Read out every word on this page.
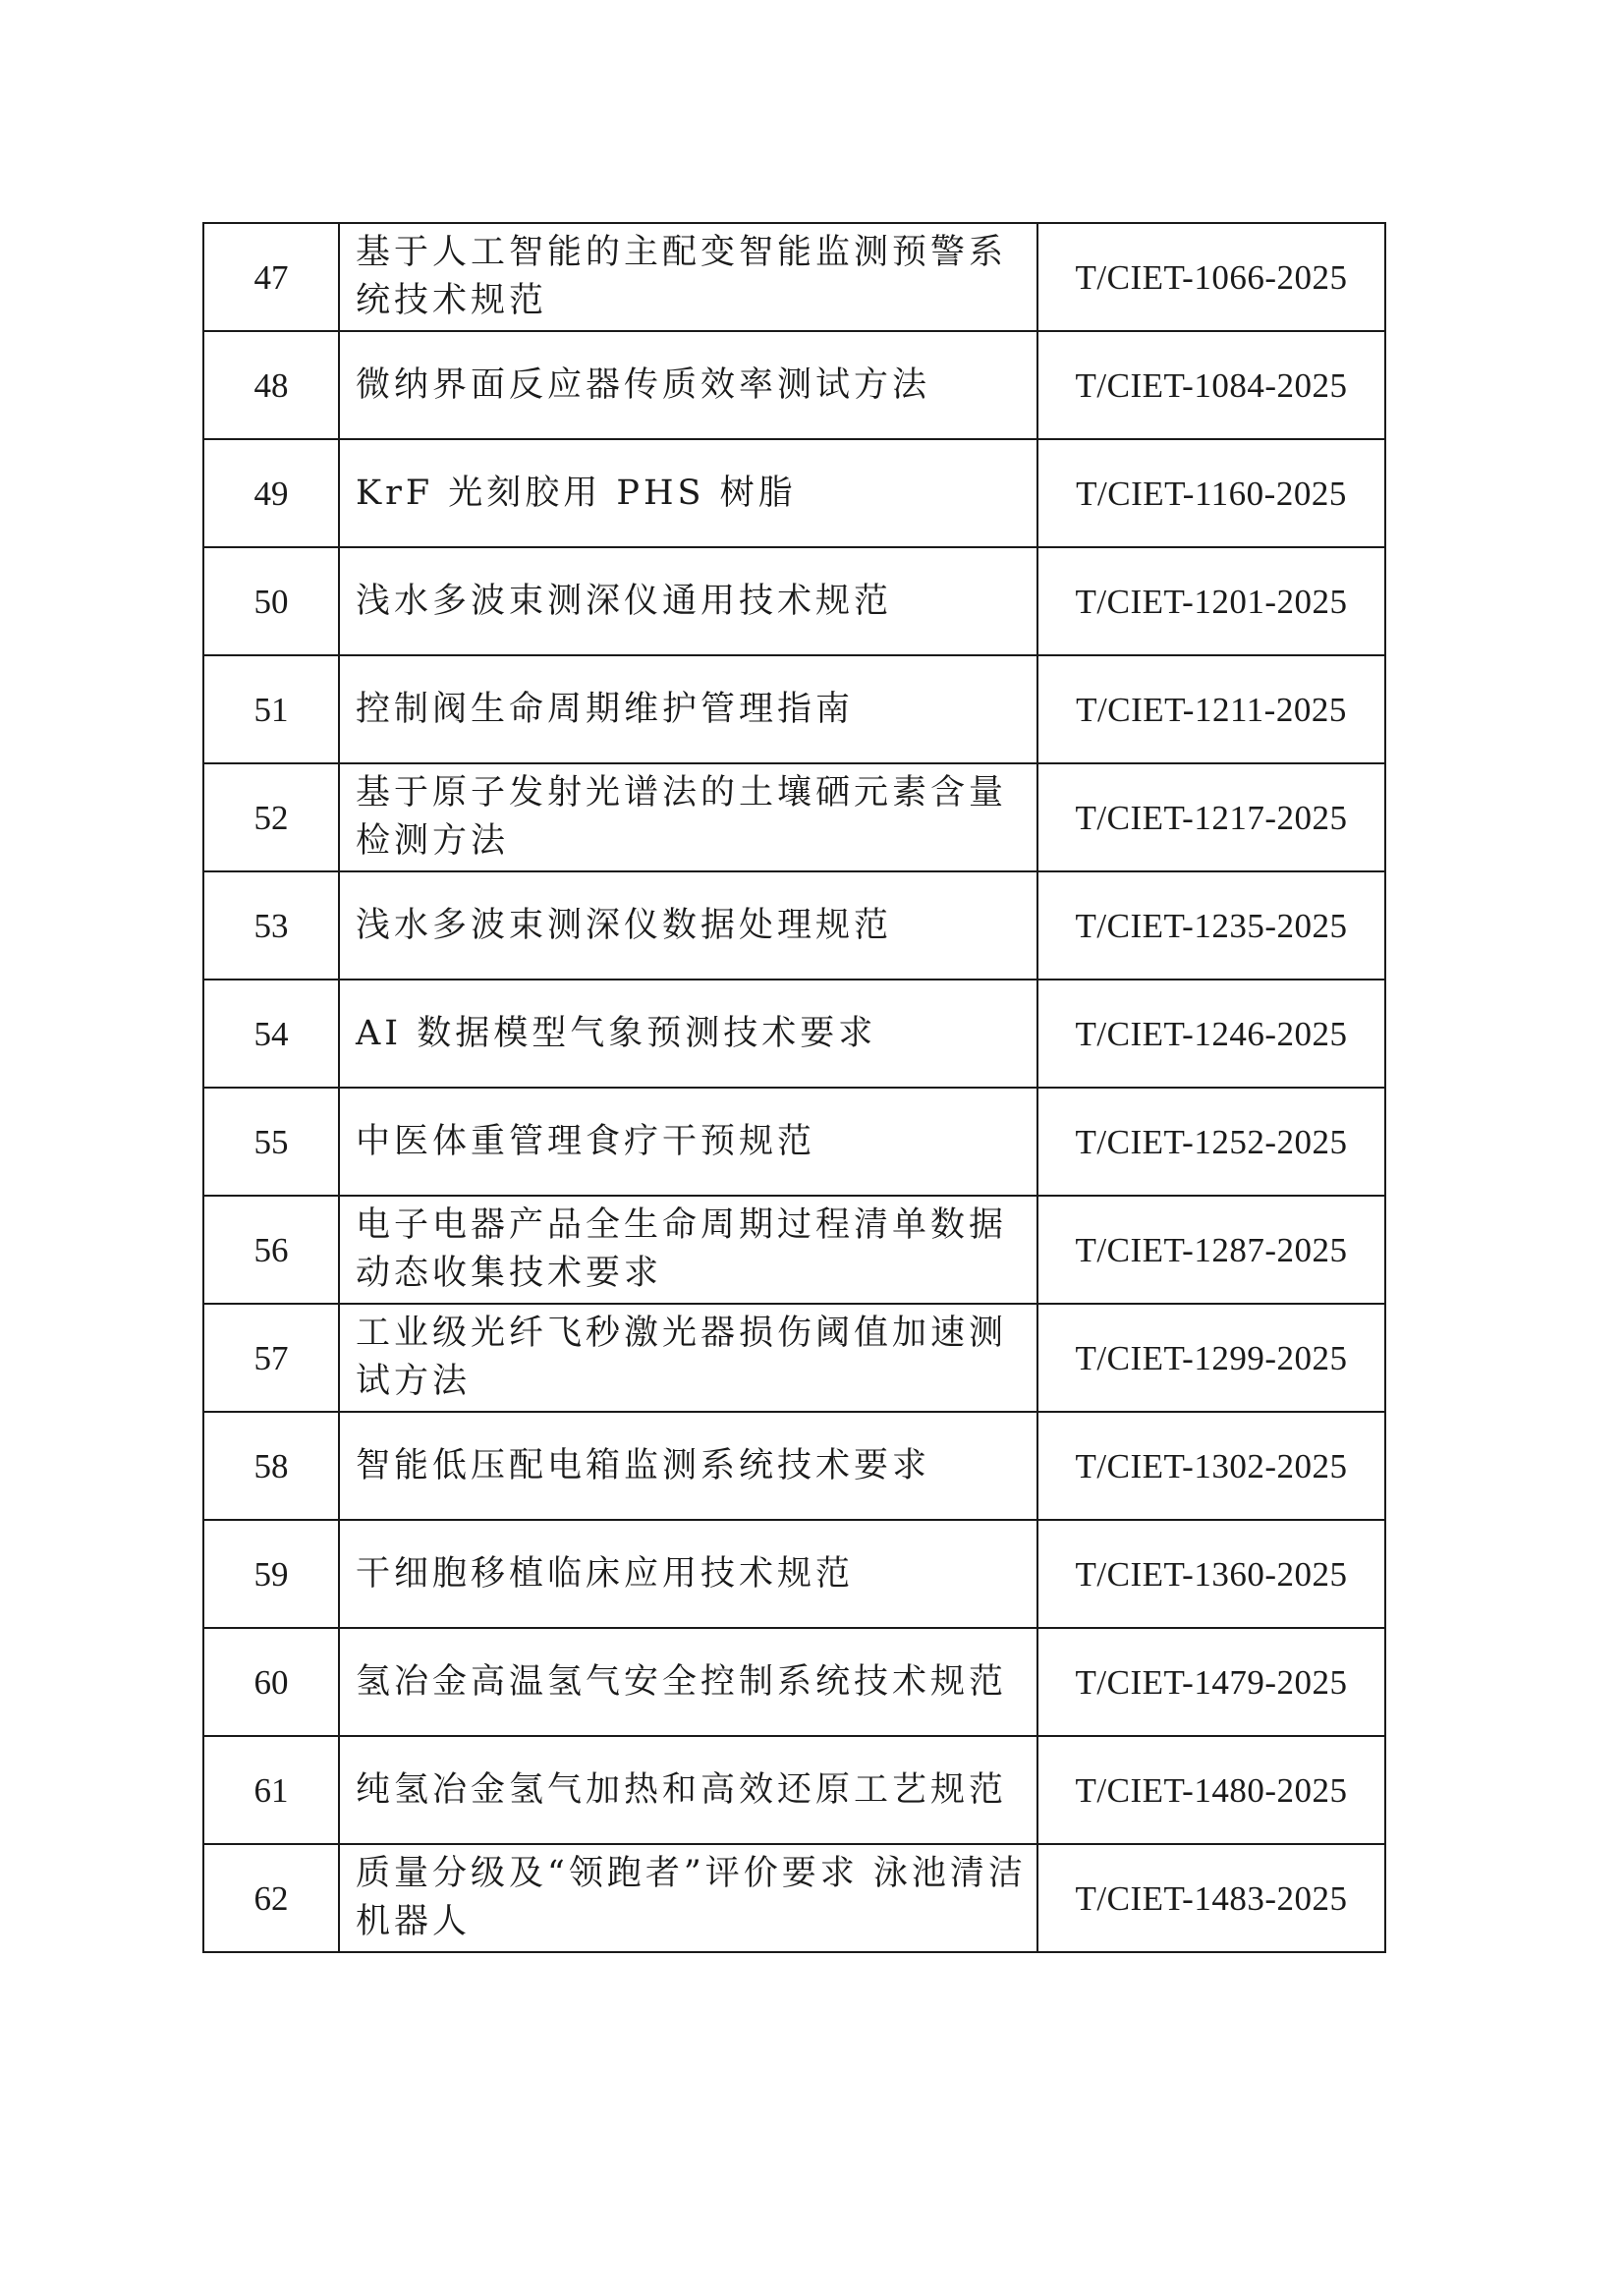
47	基于人工智能的主配变智能监测预警系统技术规范	T/CIET-1066-2025
48	微纳界面反应器传质效率测试方法	T/CIET-1084-2025
49	KrF 光刻胶用 PHS 树脂	T/CIET-1160-2025
50	浅水多波束测深仪通用技术规范	T/CIET-1201-2025
51	控制阀生命周期维护管理指南	T/CIET-1211-2025
52	基于原子发射光谱法的土壤硒元素含量检测方法	T/CIET-1217-2025
53	浅水多波束测深仪数据处理规范	T/CIET-1235-2025
54	AI 数据模型气象预测技术要求	T/CIET-1246-2025
55	中医体重管理食疗干预规范	T/CIET-1252-2025
56	电子电器产品全生命周期过程清单数据动态收集技术要求	T/CIET-1287-2025
57	工业级光纤飞秒激光器损伤阈值加速测试方法	T/CIET-1299-2025
58	智能低压配电箱监测系统技术要求	T/CIET-1302-2025
59	干细胞移植临床应用技术规范	T/CIET-1360-2025
60	氢冶金高温氢气安全控制系统技术规范	T/CIET-1479-2025
61	纯氢冶金氢气加热和高效还原工艺规范	T/CIET-1480-2025
62	质量分级及“领跑者”评价要求 泳池清洁机器人	T/CIET-1483-2025
